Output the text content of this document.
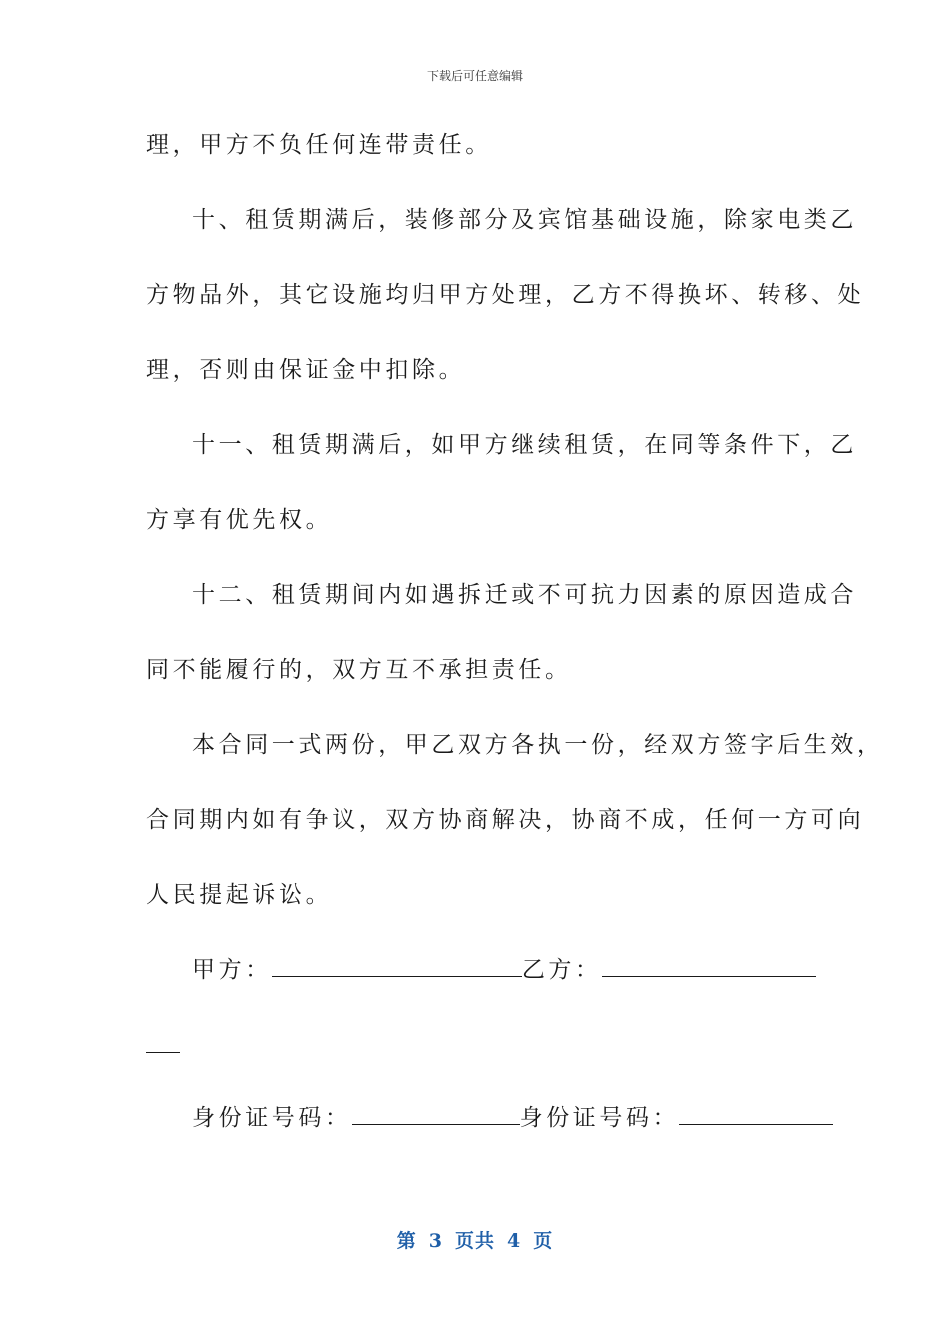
下载后可任意编辑
理，甲方不负任何连带责任。
十、租赁期满后，装修部分及宾馆基础设施，除家电类乙
方物品外，其它设施均归甲方处理，乙方不得换坏、转移、处
理，否则由保证金中扣除。
十一、租赁期满后，如甲方继续租赁，在同等条件下，乙
方享有优先权。
十二、租赁期间内如遇拆迁或不可抗力因素的原因造成合
同不能履行的，双方互不承担责任。
本合同一式两份，甲乙双方各执一份，经双方签字后生效，
合同期内如有争议，双方协商解决，协商不成，任何一方可向
人民提起诉讼。
甲方：	乙方：
身份证号码：	身份证号码：
第 3 页共 4 页
